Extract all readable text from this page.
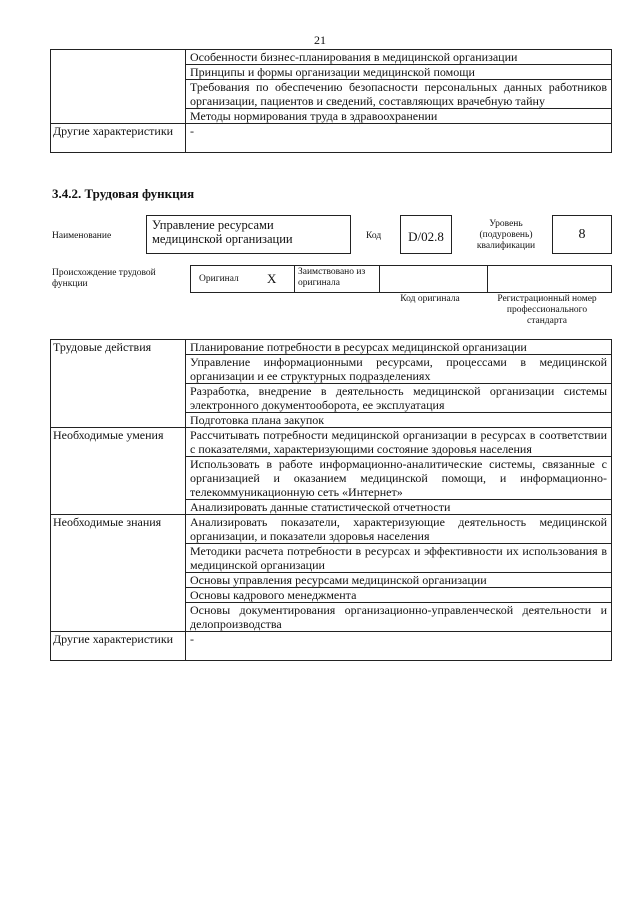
21
	Особенности бизнес-планирования в медицинской организации
	Принципы и формы организации медицинской помощи
	Требования по обеспечению безопасности персональных данных работников организации, пациентов и сведений, составляющих врачебную тайну
	Методы нормирования труда в здравоохранении
Другие характеристики	-
3.4.2. Трудовая функция
Наименование
Управление ресурсами медицинской организации	Код	D/02.8
Уровень (подуровень) квалификации
8
Происхождение трудовой функции	Оригинал X Заимствовано из оригинала
Код оригинала	Регистрационный номер профессионального стандарта
Трудовые действия	Планирование потребности в ресурсах медицинской организации
	Управление информационными ресурсами, процессами в медицинской организации и ее структурных подразделениях
	Разработка, внедрение в деятельность медицинской организации системы электронного документооборота, ее эксплуатация
	Подготовка плана закупок
Необходимые умения	Рассчитывать потребности медицинской организации в ресурсах в соответствии с показателями, характеризующими состояние здоровья населения
	Использовать в работе информационно-аналитические системы, связанные с организацией и оказанием медицинской помощи, и информационно-телекоммуникационную сеть «Интернет»
	Анализировать данные статистической отчетности
Необходимые знания	Анализировать показатели, характеризующие деятельность медицинской организации, и показатели здоровья населения
	Методики расчета потребности в ресурсах и эффективности их использования в медицинской организации
	Основы управления ресурсами медицинской организации
	Основы кадрового менеджмента
	Основы документирования организационно-управленческой деятельности и делопроизводства
Другие характеристики	-
